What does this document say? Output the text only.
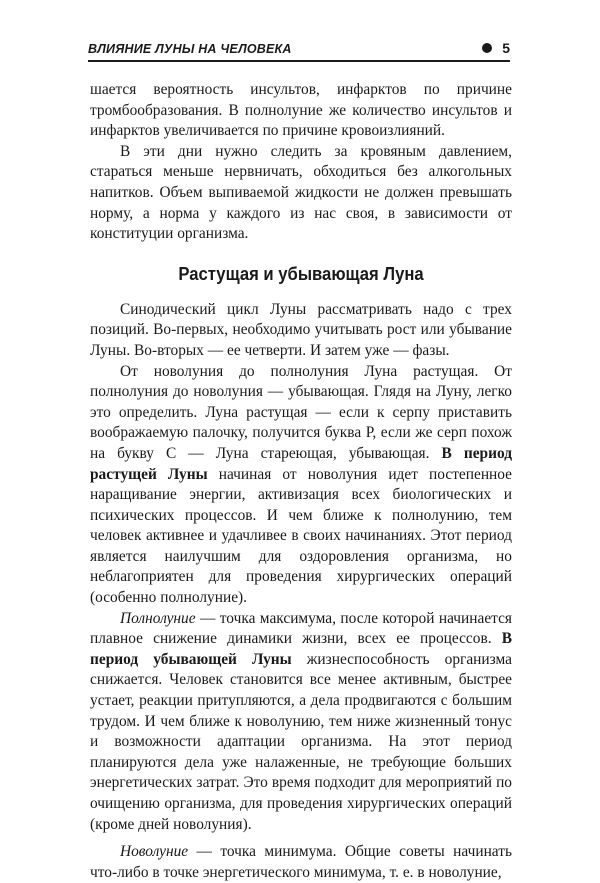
ВЛИЯНИЕ ЛУНЫ НА ЧЕЛОВЕКА	5

шается вероятность инсультов, инфарктов по причине тромбообразования. В полнолуние же количество инсультов и инфарктов увеличивается по причине кровоизлияний.

В эти дни нужно следить за кровяным давлением, стараться меньше нервничать, обходиться без алкогольных напитков. Объем выпиваемой жидкости не должен превышать норму, а норма у каждого из нас своя, в зависимости от конституции организма.

Растущая и убывающая Луна

Синодический цикл Луны рассматривать надо с трех позиций. Во-первых, необходимо учитывать рост или убывание Луны. Во-вторых — ее четверти. И затем уже — фазы.

От новолуния до полнолуния Луна растущая. От полнолуния до новолуния — убывающая. Глядя на Луну, легко это определить. Луна растущая — если к серпу приставить воображаемую палочку, получится буква Р, если же серп похож на букву С — Луна стареющая, убывающая. В период растущей Луны начиная от новолуния идет постепенное наращивание энергии, активизация всех биологических и психических процессов. И чем ближе к полнолунию, тем человек активнее и удачливее в своих начинаниях. Этот период является наилучшим для оздоровления организма, но неблагоприятен для проведения хирургических операций (особенно полнолуние).

Полнолуние — точка максимума, после которой начинается плавное снижение динамики жизни, всех ее процессов. В период убывающей Луны жизнеспособность организма снижается. Человек становится все менее активным, быстрее устает, реакции притупляются, а дела продвигаются с большим трудом. И чем ближе к новолунию, тем ниже жизненный тонус и возможности адаптации организма. На этот период планируются дела уже налаженные, не требующие больших энергетических затрат. Это время подходит для мероприятий по очищению организма, для проведения хирургических операций (кроме дней новолуния).

Новолуние — точка минимума. Общие советы начинать что-либо в точке энергетического минимума, т. е. в новолуние,
